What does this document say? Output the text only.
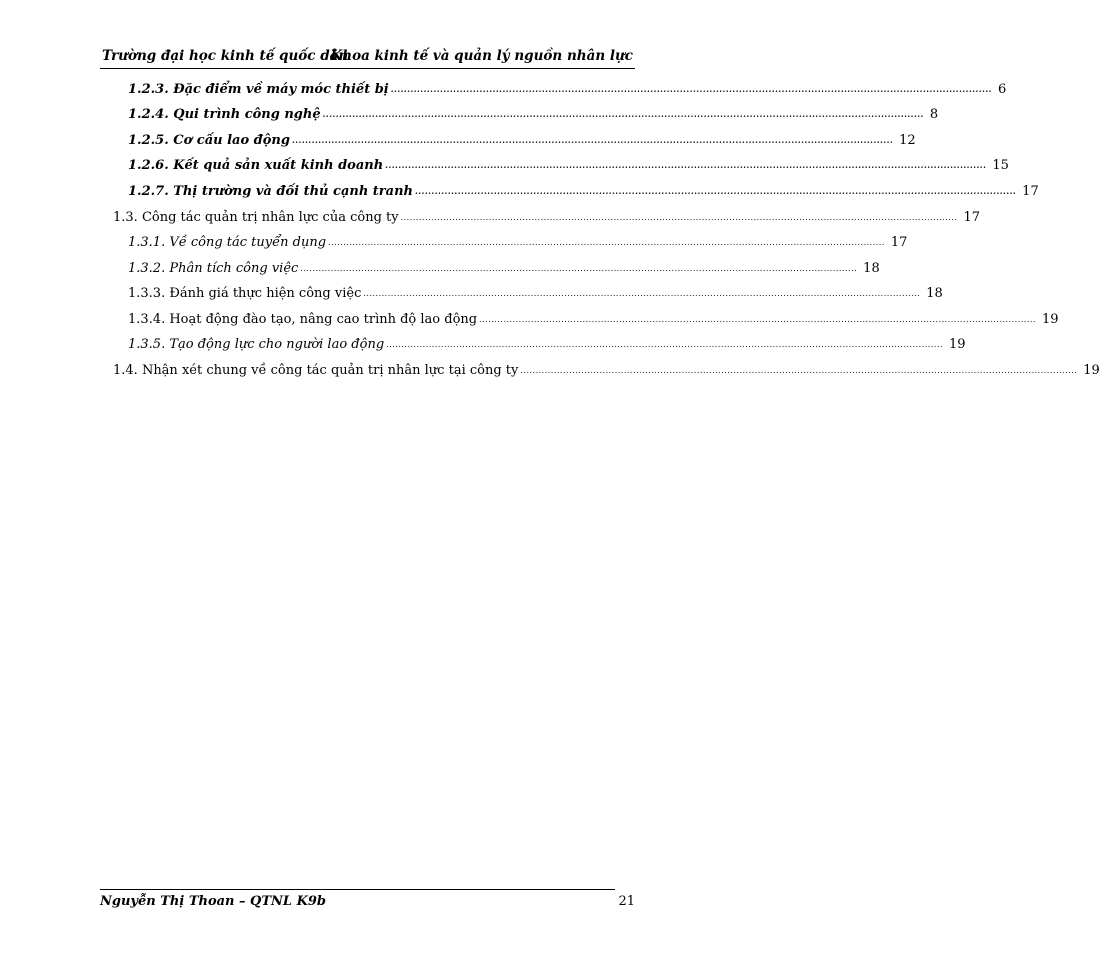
Trường đại học kinh tế quốc dân
Khoa kinh tế và quản lý nguồn nhân lực
1.2.3. Đặc điểm về máy móc thiết bị ....................................................................................................................................................................................... 6
1.2.4. Qui trình công nghệ ....................................................................................................................................................................................... 8
1.2.5. Cơ cấu lao động ....................................................................................................................................................................................... 12
1.2.6. Kết quả sản xuất kinh doanh ....................................................................................................................................................................................... 15
1.2.7. Thị trường và đối thủ cạnh tranh ....................................................................................................................................................................................... 17
1.3. Công tác quản trị nhân lực của công ty ....................................................................................................................................................................................... 17
1.3.1. Về công tác tuyển dụng ....................................................................................................................................................................................... 17
1.3.2. Phân tích công việc ....................................................................................................................................................................................... 18
1.3.3. Đánh giá thực hiện công việc ....................................................................................................................................................................................... 18
1.3.4. Hoạt động đào tạo, nâng cao trình độ lao động ....................................................................................................................................................................................... 19
1.3.5. Tạo động lực cho người lao động ....................................................................................................................................................................................... 19
1.4. Nhận xét chung về công tác quản trị nhân lực tại công ty ....................................................................................................................................................................................... 19
Nguyễn Thị Thoan – QTNL K9b	21
